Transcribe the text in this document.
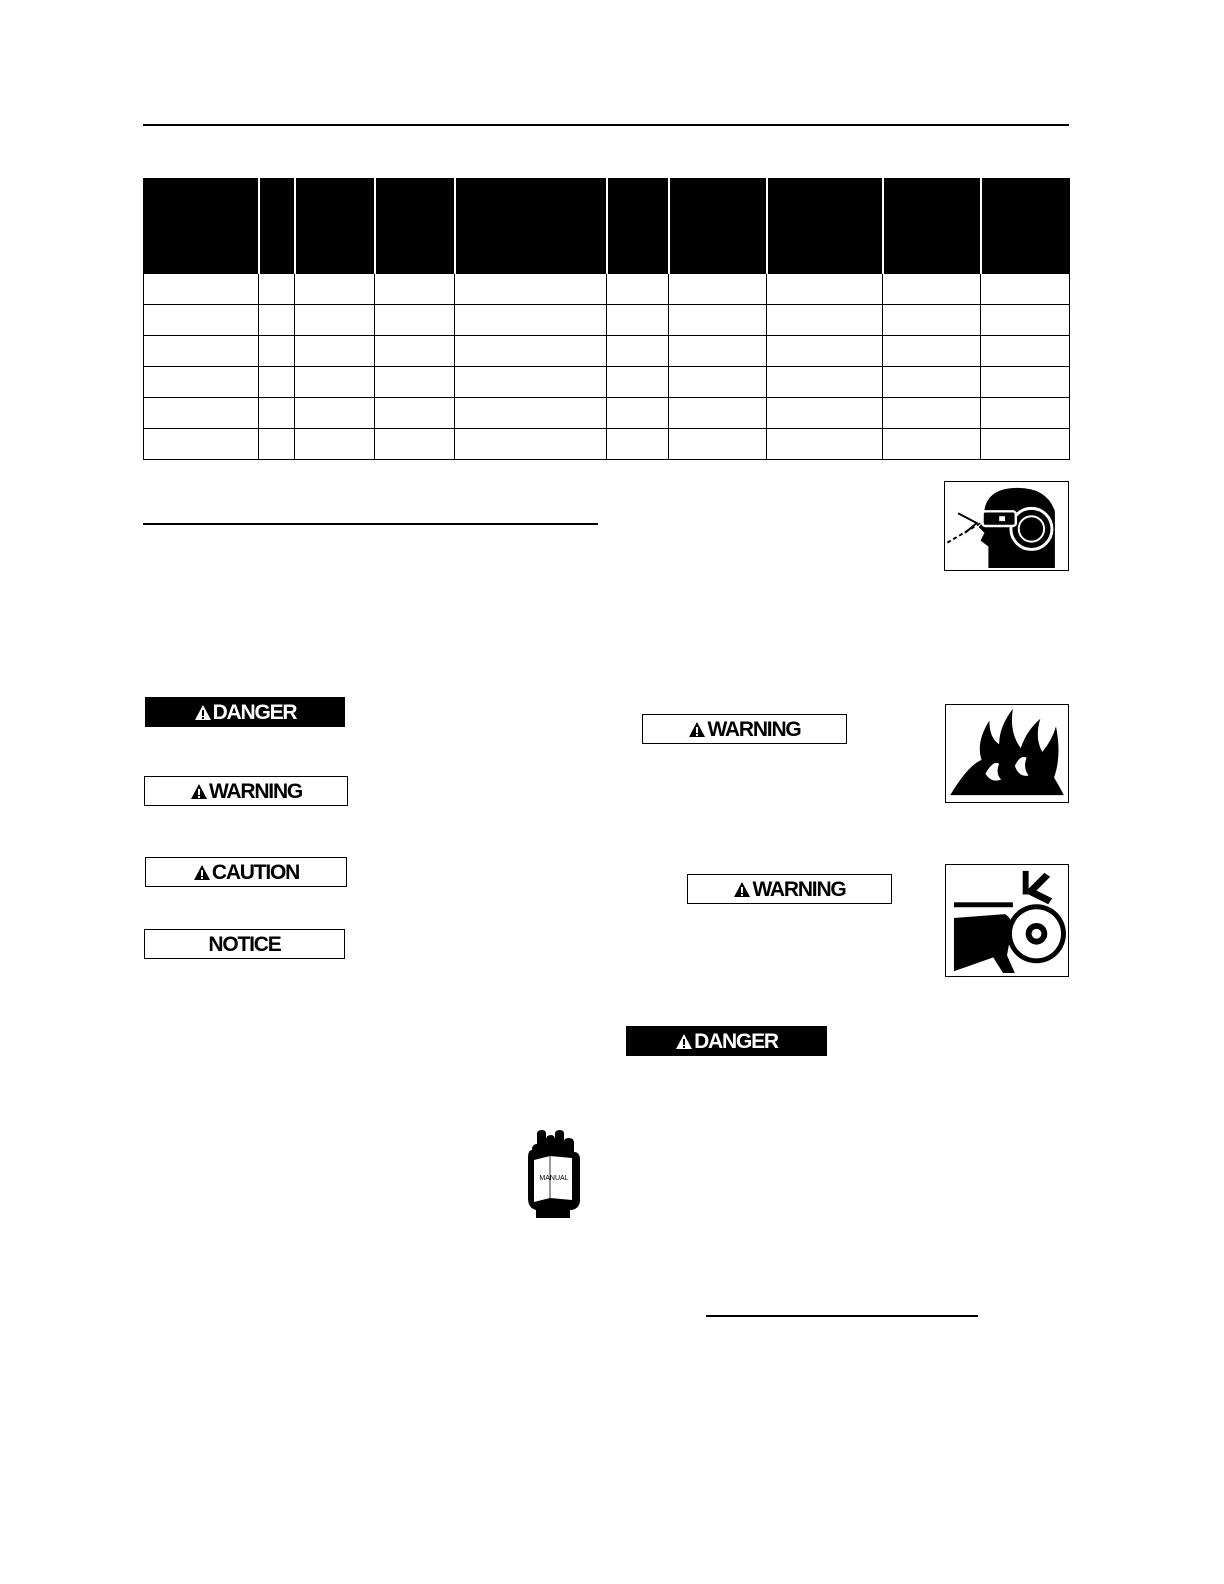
DANGER
WARNING
CAUTION
NOTICE
WARNING
WARNING
DANGER
MANUAL
